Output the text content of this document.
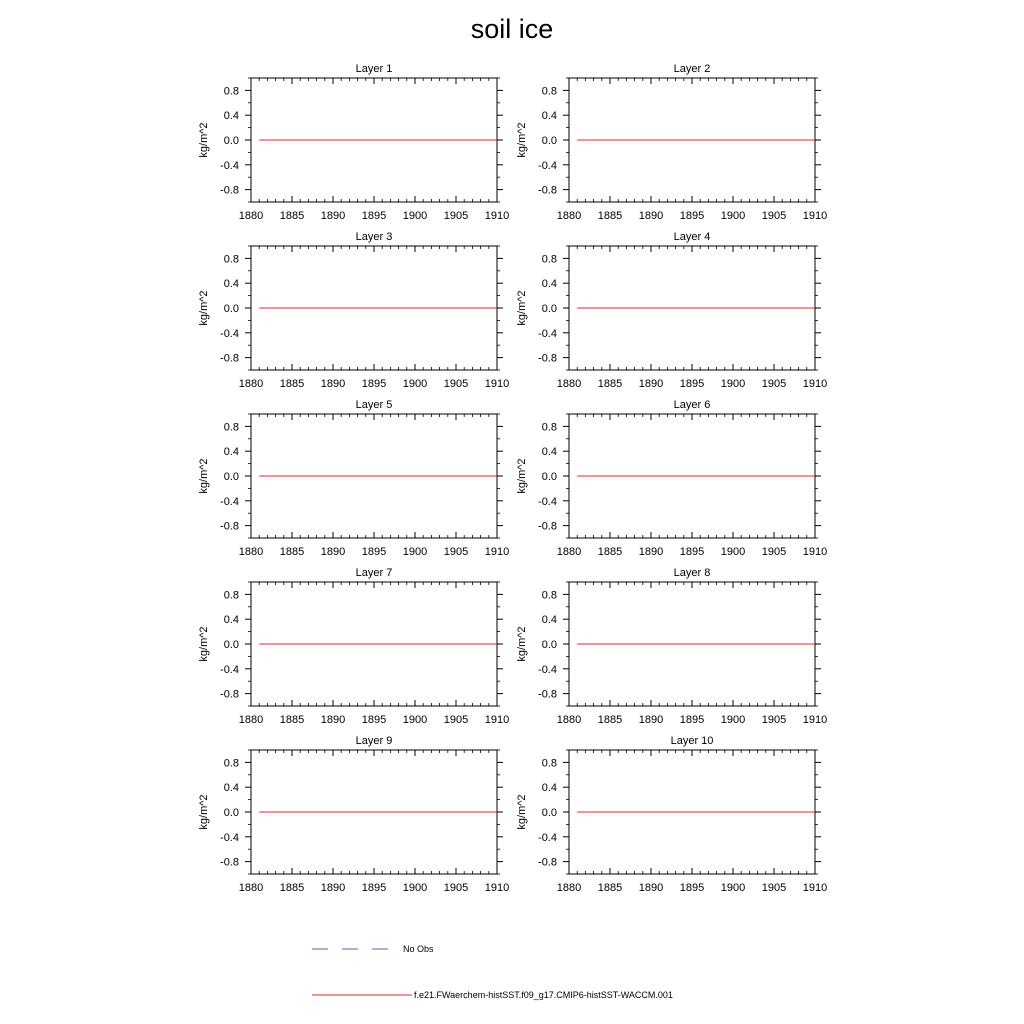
soil ice
Layer 1
kg/m^2
1880 1885 1890 1895 1900 1905 1910
0.8
0.4
0.0
-0.4
-0.8
Layer 2
kg/m^2
1880 1885 1890 1895 1900 1905 1910
0.8
0.4
0.0
-0.4
-0.8
Layer 3
kg/m^2
1880 1885 1890 1895 1900 1905 1910
0.8
0.4
0.0
-0.4
-0.8
Layer 4
kg/m^2
1880 1885 1890 1895 1900 1905 1910
0.8
0.4
0.0
-0.4
-0.8
Layer 5
kg/m^2
1880 1885 1890 1895 1900 1905 1910
0.8
0.4
0.0
-0.4
-0.8
Layer 6
kg/m^2
1880 1885 1890 1895 1900 1905 1910
0.8
0.4
0.0
-0.4
-0.8
Layer 7
kg/m^2
1880 1885 1890 1895 1900 1905 1910
0.8
0.4
0.0
-0.4
-0.8
Layer 8
kg/m^2
1880 1885 1890 1895 1900 1905 1910
0.8
0.4
0.0
-0.4
-0.8
Layer 9
kg/m^2
1880 1885 1890 1895 1900 1905 1910
0.8
0.4
0.0
-0.4
-0.8
Layer 10
kg/m^2
1880 1885 1890 1895 1900 1905 1910
0.8
0.4
0.0
-0.4
-0.8
No Obs
f.e21.FWaerchem-histSST.f09_g17.CMIP6-histSST-WACCM.001
